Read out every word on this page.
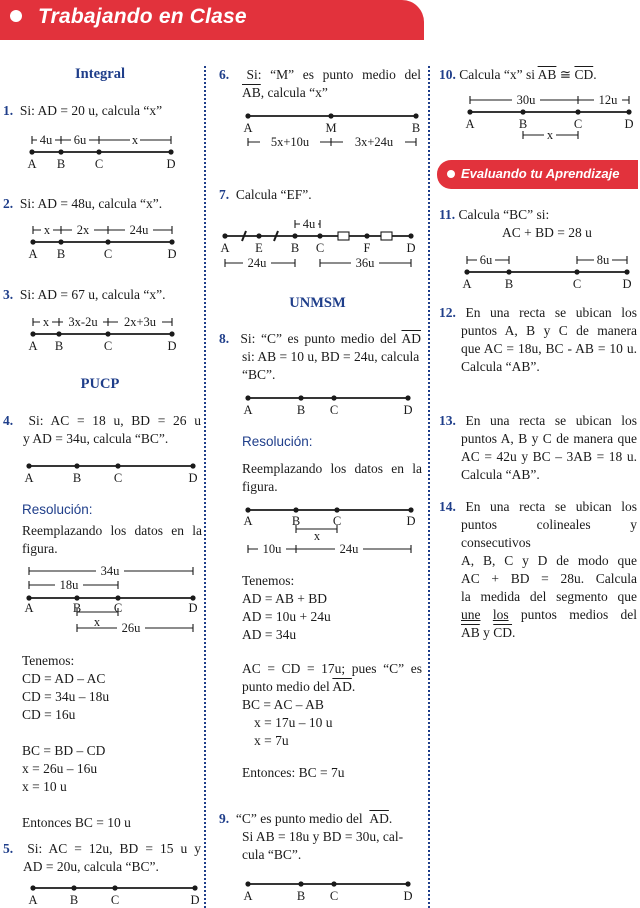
Trabajando en Clase
Evaluando tu Aprendizaje
Integral
1. Si: AD = 20 u, calcula “x”
4u 6u	x
A B C	D
2. Si: AD = 48u, calcula “x”.
x 2x	24u
A B	C	D
3. Si: AD = 67 u, calcula “x”.
x 3x-2u 2x+3u
A B	C	D
PUCP
4. Si: AC = 18 u, BD = 26 u
y AD = 34u, calcula “BC”.
A	B	C	D
Resolución:
Reemplazando los datos en la
figura.
34u
18u
A	B	C	D
x 26u
Tenemos:
CD = AD – AC
CD = 34u – 18u
CD = 16u
BC = BD – CD
x = 26u – 16u
x = 10 u
Entonces BC = 10 u
5. Si: AC = 12u, BD = 15 u y
AD = 20u, calcula “BC”.
A	B	C	D
6. Si: “M” es punto medio del
$\overline{AB}$, calcula “x”
A	M	B
5x+10u	3x+24u
7. Calcula “EF”.
4u
A E B C	F	D
24u	36u
UNMSM
8. Si: “C” es punto medio del $\overline{AD}$
si: AB = 10 u, BD = 24u, calcula
“BC”.
A	B C	D
Resolución:
Reemplazando los datos en la
figura.
A	B	C	D
x
10u	24u
Tenemos:
AD = AB + BD
AD = 10u + 24u
AD = 34u
AC = CD = 17u; pues “C” es
punto medio del $\overline{AD}$.
BC = AC – AB
x = 17u – 10 u
x = 7u
Entonces: BC = 7u
9. “C” es punto medio del $\overline{AD}$.
Si AB = 18u y BD = 30u, cal-
cula “BC”.
A	B C	D
10. Calcula “x” si $\overline{AB}$ ≅ $\overline{CD}$.
30u	12u
A	B	C	D
x
11. Calcula “BC” si:
AC + BD = 28 u
6u	8u
A	B	C	D
12. En una recta se ubican los
puntos A, B y C de manera
que AC = 18u, BC - AB = 10 u.
Calcula “AB”.
13. En una recta se ubican los
puntos A, B y C de manera que
AC = 42u y BC – 3AB = 18 u.
Calcula “AB”.
14. En una recta se ubican los
puntos colineales y consecutivos
A, B, C y D de modo que
AC + BD = 28u. Calcula
la medida del segmento que
une los puntos medios del
$\overline{AB}$ y $\overline{CD}$.
